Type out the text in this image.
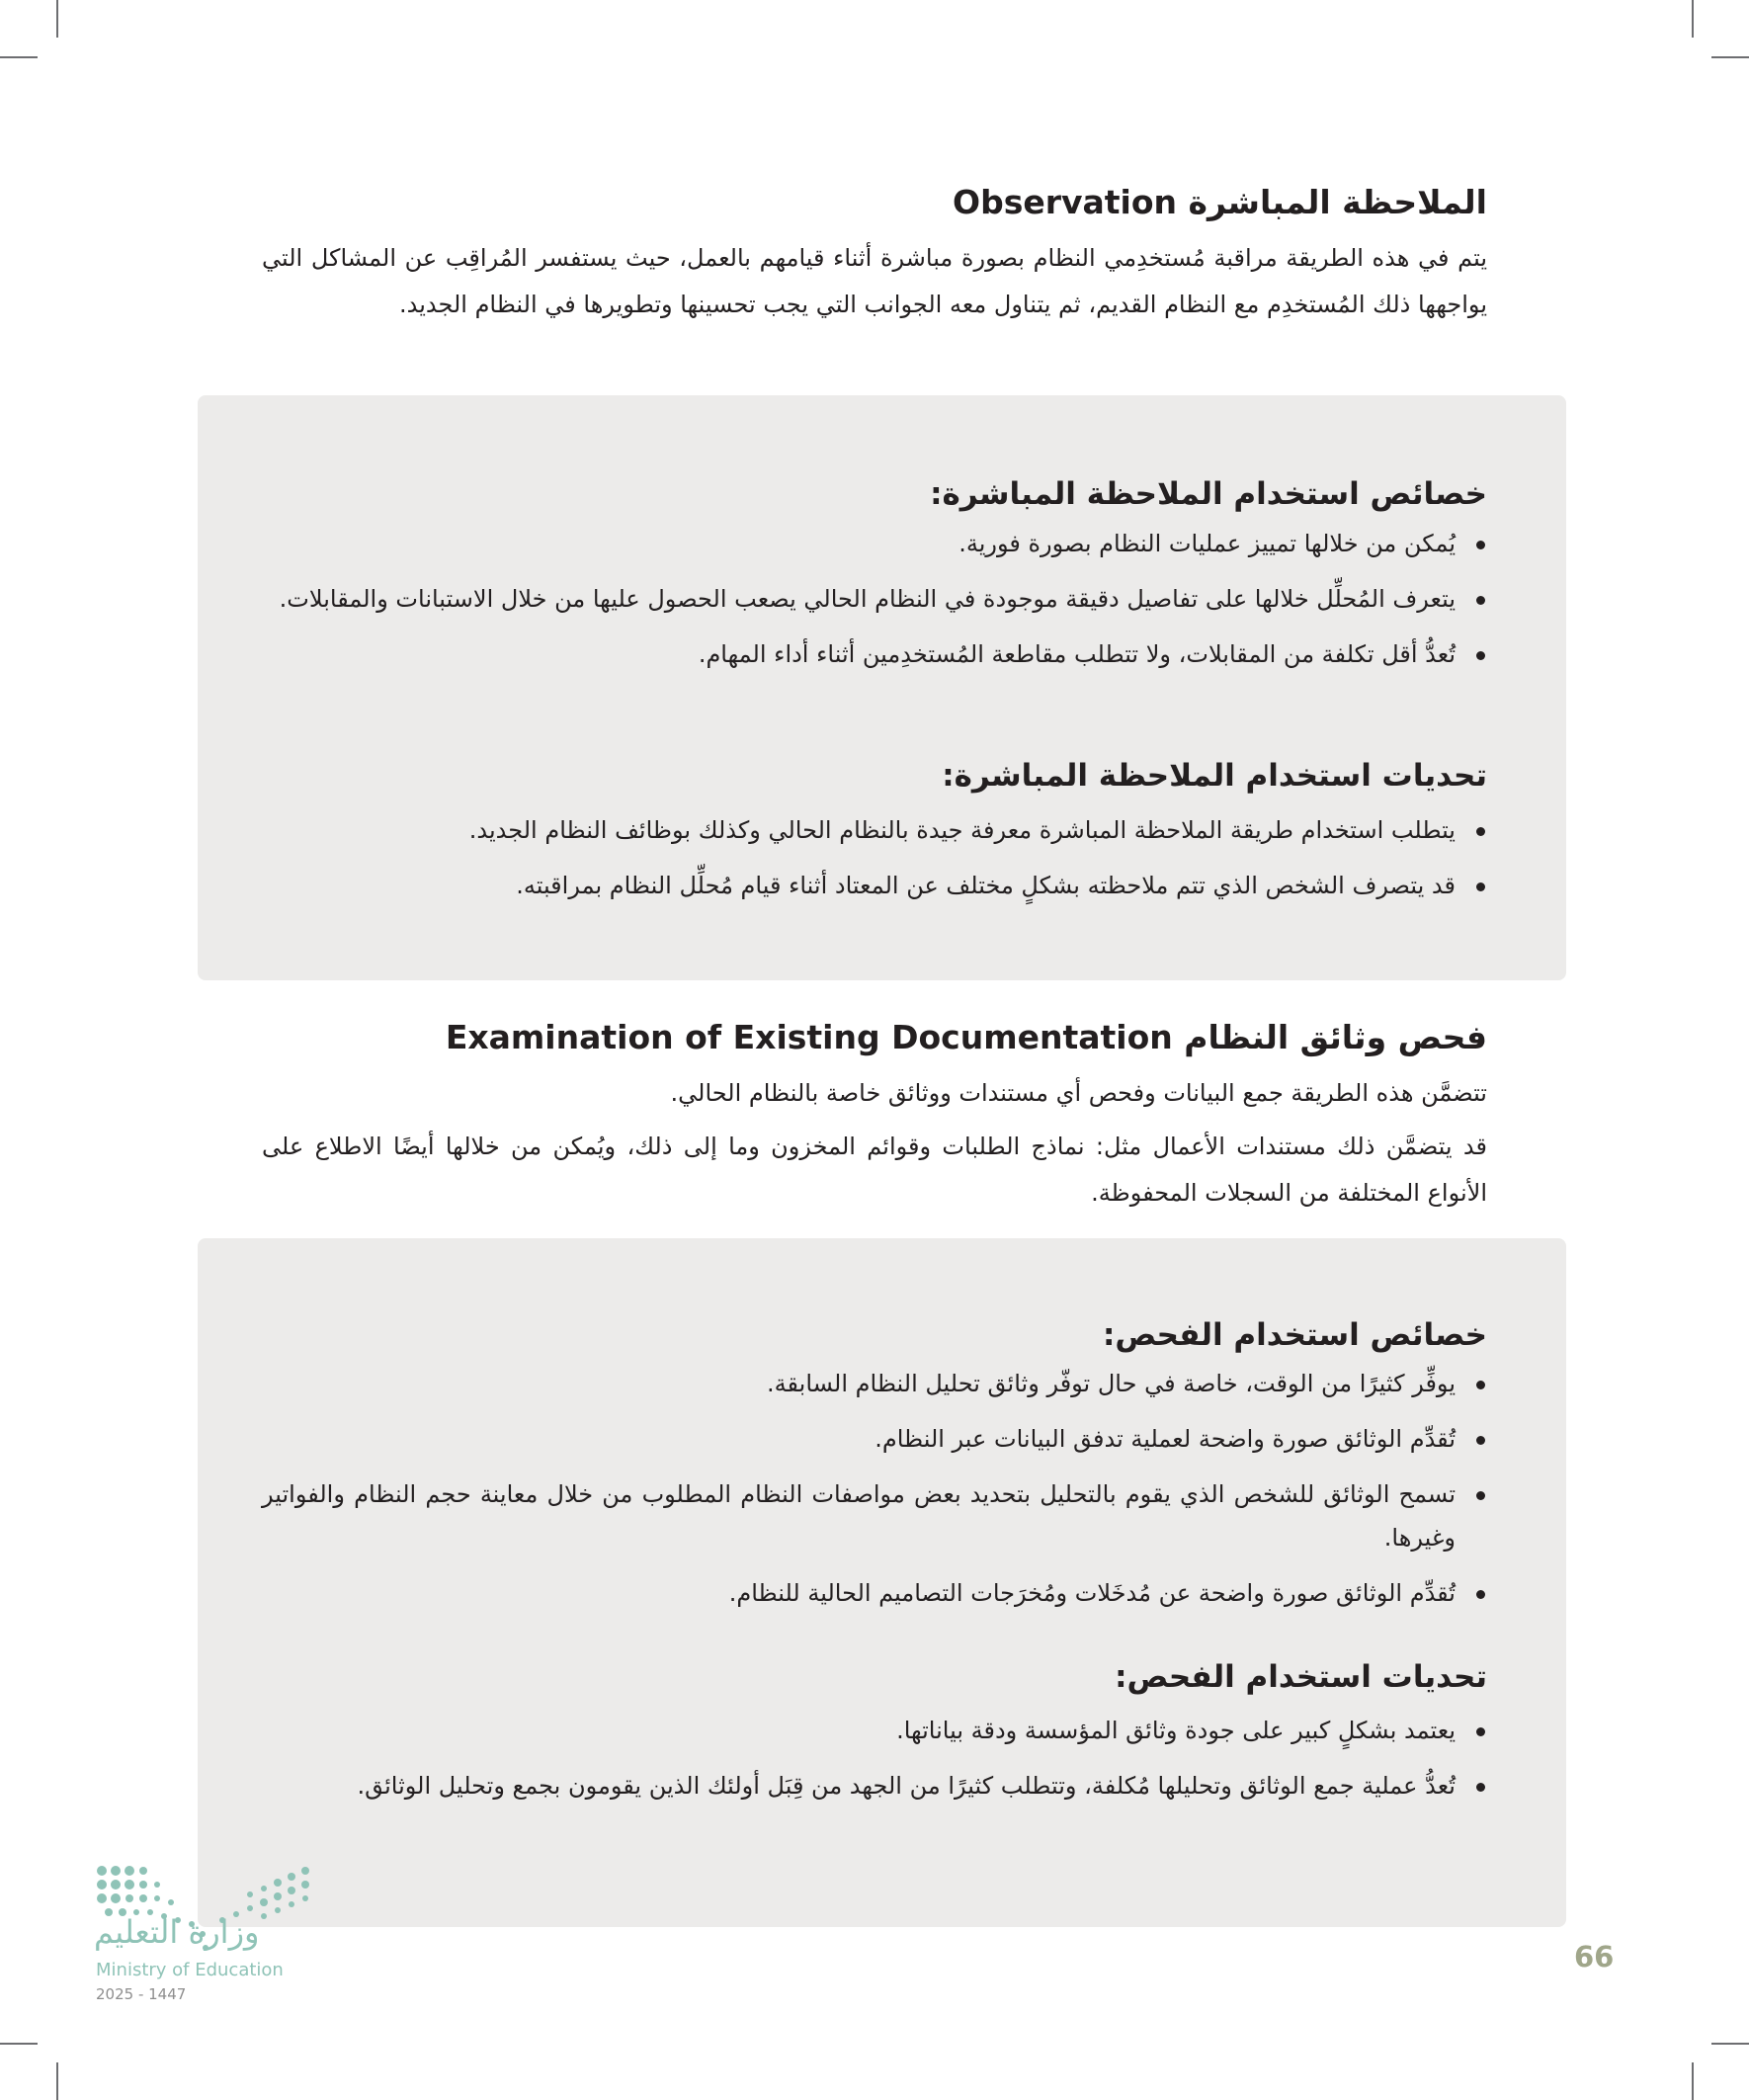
الملاحظة المباشرة Observation

يتم في هذه الطريقة مراقبة مُستخدِمي النظام بصورة مباشرة أثناء قيامهم بالعمل، حيث يستفسر المُراقِب عن المشاكل التي يواجهها ذلك المُستخدِم مع النظام القديم، ثم يتناول معه الجوانب التي يجب تحسينها وتطويرها في النظام الجديد.

خصائص استخدام الملاحظة المباشرة:
يُمكن من خلالها تمييز عمليات النظام بصورة فورية.
يتعرف المُحلِّل خلالها على تفاصيل دقيقة موجودة في النظام الحالي يصعب الحصول عليها من خلال الاستبانات والمقابلات.
تُعدُّ أقل تكلفة من المقابلات، ولا تتطلب مقاطعة المُستخدِمين أثناء أداء المهام.
تحديات استخدام الملاحظة المباشرة:
يتطلب استخدام طريقة الملاحظة المباشرة معرفة جيدة بالنظام الحالي وكذلك بوظائف النظام الجديد.
قد يتصرف الشخص الذي تتم ملاحظته بشكلٍ مختلف عن المعتاد أثناء قيام مُحلِّل النظام بمراقبته.
فحص وثائق النظام Examination of Existing Documentation

تتضمَّن هذه الطريقة جمع البيانات وفحص أي مستندات ووثائق خاصة بالنظام الحالي.

قد يتضمَّن ذلك مستندات الأعمال مثل: نماذج الطلبات وقوائم المخزون وما إلى ذلك، ويُمكن من خلالها أيضًا الاطلاع على الأنواع المختلفة من السجلات المحفوظة.

خصائص استخدام الفحص:
يوفِّر كثيرًا من الوقت، خاصة في حال توفّر وثائق تحليل النظام السابقة.
تُقدِّم الوثائق صورة واضحة لعملية تدفق البيانات عبر النظام.
تسمح الوثائق للشخص الذي يقوم بالتحليل بتحديد بعض مواصفات النظام المطلوب من خلال معاينة حجم النظام والفواتير وغيرها.
تُقدِّم الوثائق صورة واضحة عن مُدخَلات ومُخرَجات التصاميم الحالية للنظام.
تحديات استخدام الفحص:
يعتمد بشكلٍ كبير على جودة وثائق المؤسسة ودقة بياناتها.
تُعدُّ عملية جمع الوثائق وتحليلها مُكلفة، وتتطلب كثيرًا من الجهد من قِبَل أولئك الذين يقومون بجمع وتحليل الوثائق.

وزارة التعليم

Ministry of Education

2025 - 1447

66
